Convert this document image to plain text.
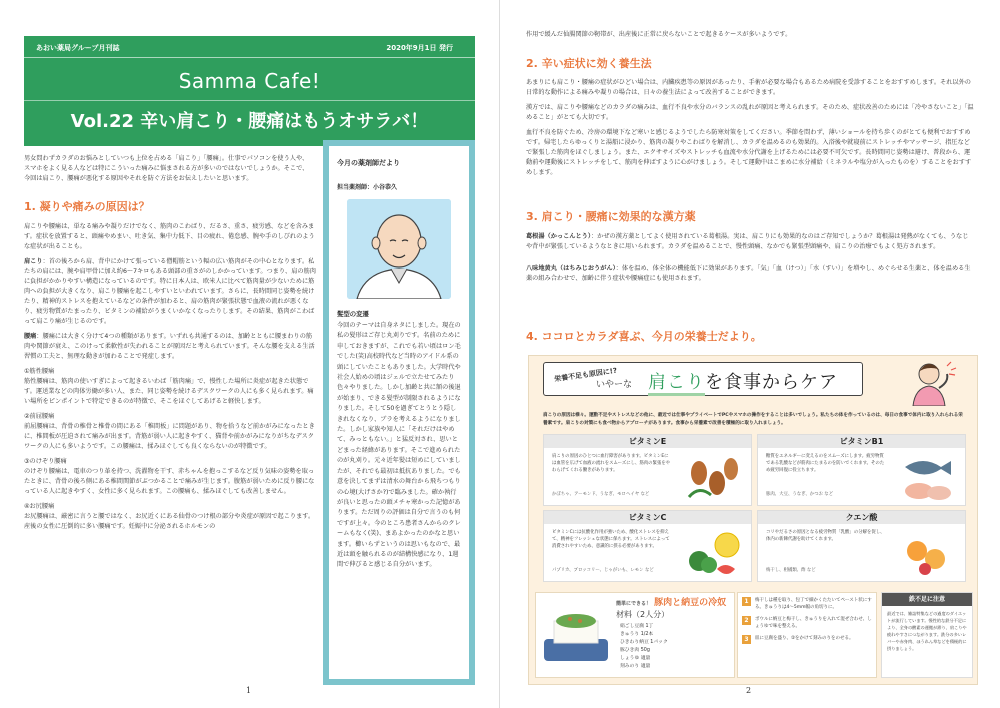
あおい薬局グループ月刊誌	2020年9月1日 発行
Samma Cafe!
Vol.22 辛い肩こり・腰痛はもうオサラバ！
男女問わずカラダのお悩みとしていつも上位を占める「肩こり」「腰痛」。仕事でパソコンを使う人や、スマホをよく見る人などは特にこういった痛みに悩まされる方が多いのではないでしょうか。そこで、今回は肩こり、腰痛が悪化する原因やそれを防ぐ方法をお伝えしたいと思います。
1. 凝りや痛みの原因は？

肩こりや腰痛は、単なる痛みや凝りだけでなく、筋肉のこわばり、だるさ、重さ、疲労感、などを含みます。症状を放置すると、頭痛やめまい、吐き気、集中力低下、目の疲れ、倦怠感、腕や手のしびれのような症状が出ることも。

肩こり：首の後ろから肩、背中にかけて張っている僧帽筋という幅の広い筋肉がその中心となります。私たちの肩には、腕や肩甲骨に加え約6〜7キロもある頭部の重さがのしかかっています。つまり、肩の筋肉に負担がかかりやすい構造になっているのです。特に日本人は、欧米人に比べて筋肉量が少ないために筋肉への負担が大きくなり、肩こり腰痛を起こしやすいといわれています。さらに、長時間同じ姿勢を続けたり、精神的ストレスを抱えているなどの条件が加わると、肩の筋肉が緊張状態で血液の流れが悪くなり、疲労物質がたまったり、ビタミンの補給がうまくいかなくなったりします。その結果、筋肉がこわばって肩こり痛が生じるのです。

腰痛：腰痛には大きく分けて4つの種類があります。いずれも共通するのは、加齢とともに腰まわりの筋肉や関節が衰え、このけって柔軟性が失われることが原因だと考えられています。そんな腰を支える生活習慣の工夫と、無理な動きが加わることで発症します。

①筋性腰痛

筋性腰痛は、筋肉の使いすぎによって起きるいわば「筋肉痛」で、慢性した場所に炎症が起きた状態です。運送業などの肉体労働が多い人、また、同じ姿勢を続けるデスクワークの人にも多く見られます。痛い場所をピンポイントで特定できるのが特徴で、そこをほぐしてあげると軽快します。

②前屈腰痛

前屈腰痛は、背骨の椎骨と椎骨の間にある「椎間板」に問題があり、物を拾うなど前かがみになったときに、椎間板が圧迫されて痛みが出ます。背筋が弱い人に起きやすく、猫背や前かがみになりがちなデスクワークの人にも多いようです。この腰痛は、揉みほぐしても良くならないのが特徴です。

③のけぞり腰痛

のけぞり腰痛は、電車のつり革を持つ、洗濯物を干す、赤ちゃんを抱っこするなど反り気味の姿勢を取ったときに、背骨の後ろ側にある椎間関節がぶつかることで痛みが生じます。腹筋が弱いために反り腰になっている人に起きやすく、女性に多く見られます。この腰痛も、揉みほぐしても改善しません。

④お尻腰痛

お尻腰痛は、厳密に言うと腰ではなく、お尻近くにある仙骨のつけ根の部分や炎症が原因で起こります。産後の女性に圧倒的に多い腰痛です。妊娠中に分泌されるホルモンの

今月の薬剤師だより
担当薬剤師：小谷恭久
髪型の変遷
今回のテーマは自身ネタにしました。現在の私の髪形はご存じ丸刈りです。名前のために申しておきますが、これでも若い頃はロン毛でした(笑)高校時代など当時のアイドル系の頭にしていたこともありました。大学時代や社会人始めの頃はジェルで立たせてみたり色々やりました。しかし加齢と共に額の後退が始まり、できる髪型が制限されるようになりました。そして50を過ぎてとうとう隠しきれなくなり、ブラを考えるようになりました。しかし家族や知人に「それだけはやめて、みっともない。」と猛反対され、思いとどまった経緯があります。そこで進められたのが丸刈り。元々近年髪は短めにしていましたが、それでも最初は抵抗ありました。でも意を決してまずは清水の舞台から飛ちつもりの心境(大げさか?)で臨みました。確か執行が良いと思ったの頭メチャ寒かった記憶があります。ただ周りの評価は自分で言うのも何ですが上々。今のところ患者さんからのクレームもなく(笑)、まあよかったのかなと思います。櫛いらずというのは思いもなので、最近は頭を触られるのが結構快感になり、1週間で伸びると感じる自分がいます。
1
作用で緩んだ仙腸関節の靭帯が、出産後に正常に戻らないことで起きるケースが多いようです。
2. 辛い症状に効く養生法

あまりにも肩こり・腰痛の症状がひどい場合は、内臓疾患等の原因があったり、手術が必要な場合もあるため病院を受診することをおすすめします。それ以外の日常的な動作による痛みや凝りの場合は、日々の養生法によって改善することができます。

漢方では、肩こりや腰痛などのカラダの痛みは、血行不良や水分のバランスの乱れが原因と考えられます。そのため、症状改善のためには「冷やさないこと」「温めること」がとても大切です。

血行不良を防ぐため、冷房の環境下など寒いと感じるようでしたら防寒対策をしてください。季節を問わず、薄いショールを持ち歩くのがとても便利でおすすめです。帰宅したらゆっくりと湯船に浸かり、筋肉の凝りやこわばりを解消し、カラダを温めるのも効果的。入浴後や就寝前にストレッチやマッサージ、指圧などで緊張した筋肉をほぐしましょう。また、エクササイズやストレッチも血流や水分代謝を上げるためには必要不可欠です。長時間同じ姿勢は避け、普段から、運動前や運動後にストレッチをして、筋肉を伸ばすように心がけましょう。そして運動中はこまめに水分補給（ミネラルや塩分が入ったものを）することをおすすめします。

3. 肩こり・腰痛に効果的な漢方薬

葛根湯（かっこんとう）：かぜの漢方薬としてよく使用されている葛根湯。実は、肩こりにも効果的なのはご存知でしょうか？葛根湯は発熱がなくても、うなじや背中が緊張しているようなときに用いられます。カラダを温めることで、慢性頭痛、なかでも緊張型頭痛や、肩こりの治療でもよく処方されます。

八味地黄丸（はちみじおうがん）：体を温め、体全体の機能低下に効果があります。「気」「血（けつ）」「水（すい）」を増やし、めぐらせる生薬と、体を温める生薬の組み合わせで、加齢に伴う症状や腰痛症にも使用されます。

4. ココロとカラダ喜ぶ、今月の栄養士だより。
栄養不足も原因に!?
いやーな 肩こりを食事からケア
肩こりの原因は様々。運動不足やストレスなどの他に、最近では仕事やプライベートでPCやスマホの操作をすることは多いでしょう。私たちの体を作っているのは、毎日の食事で体内に取り入れられる栄養素です。肩こりの対策にも食べ物からアプローチがあります。食事から栄養素で改善を積極的に取り入れましょう。
ビタミンE
肩こりの原因のひとつに血行障害があります。ビタミンEには血管を広げて血液の流れをスムーズにし、筋肉の緊張をやわらげてくれる働きがあります。
かぼちゃ、アーモンド、うなぎ、モロヘイヤ など
ビタミンB1
糖質をエネルギーに変えるのをスムーズにします。疲労物質である乳酸などが筋肉にたまるのを防いでくれます。そのため疲労回復に役立ちます。
豚肉、大豆、うなぎ、かつお など
ビタミンC
ビタミンCには抗酸化作用が強いため、酸化ストレスを抑えて、精神をフレッシュな状態に保ちます。ストレスによって消費されやすいため、意識的に摂る必要があります。
パプリカ、ブロッコリー、じゃがいも、レモン など
クエン酸
コリやだるさの原因となる疲労物質「乳酸」の分解を促し、体内の新陳代謝を助けてくれます。
梅干し、柑橘類、酢 など
簡単にできる！ 豚肉と納豆の冷奴
材料（2人分）
絹ごし豆腐 1丁
きゅうり 1/2本
ひきわり納豆 1パック
豚ひき肉 50g
しょうゆ 適量
刻みのり 適量
1	梅干しは種を取り、包丁で細かくたたいてペースト状にする。きゅうりは4〜5mm幅の角切りに。
2	ボウルに納豆と梅干し、きゅうりを入れて混ぜ合わせ、しょうゆで味を整える。
3	皿に豆腐を盛り、②をかけて刻みのりをのせる。
鉄不足に注意
最近では、雑誌特集などの過度のダイエットが流行しています。慢性的な鉄分不足により、全身の酸素の運搬が滞り、肩こりや疲れやすさにつながります。鉄分の多いレバーや赤身肉、ほうれん草などを積極的に摂りましょう。
2
